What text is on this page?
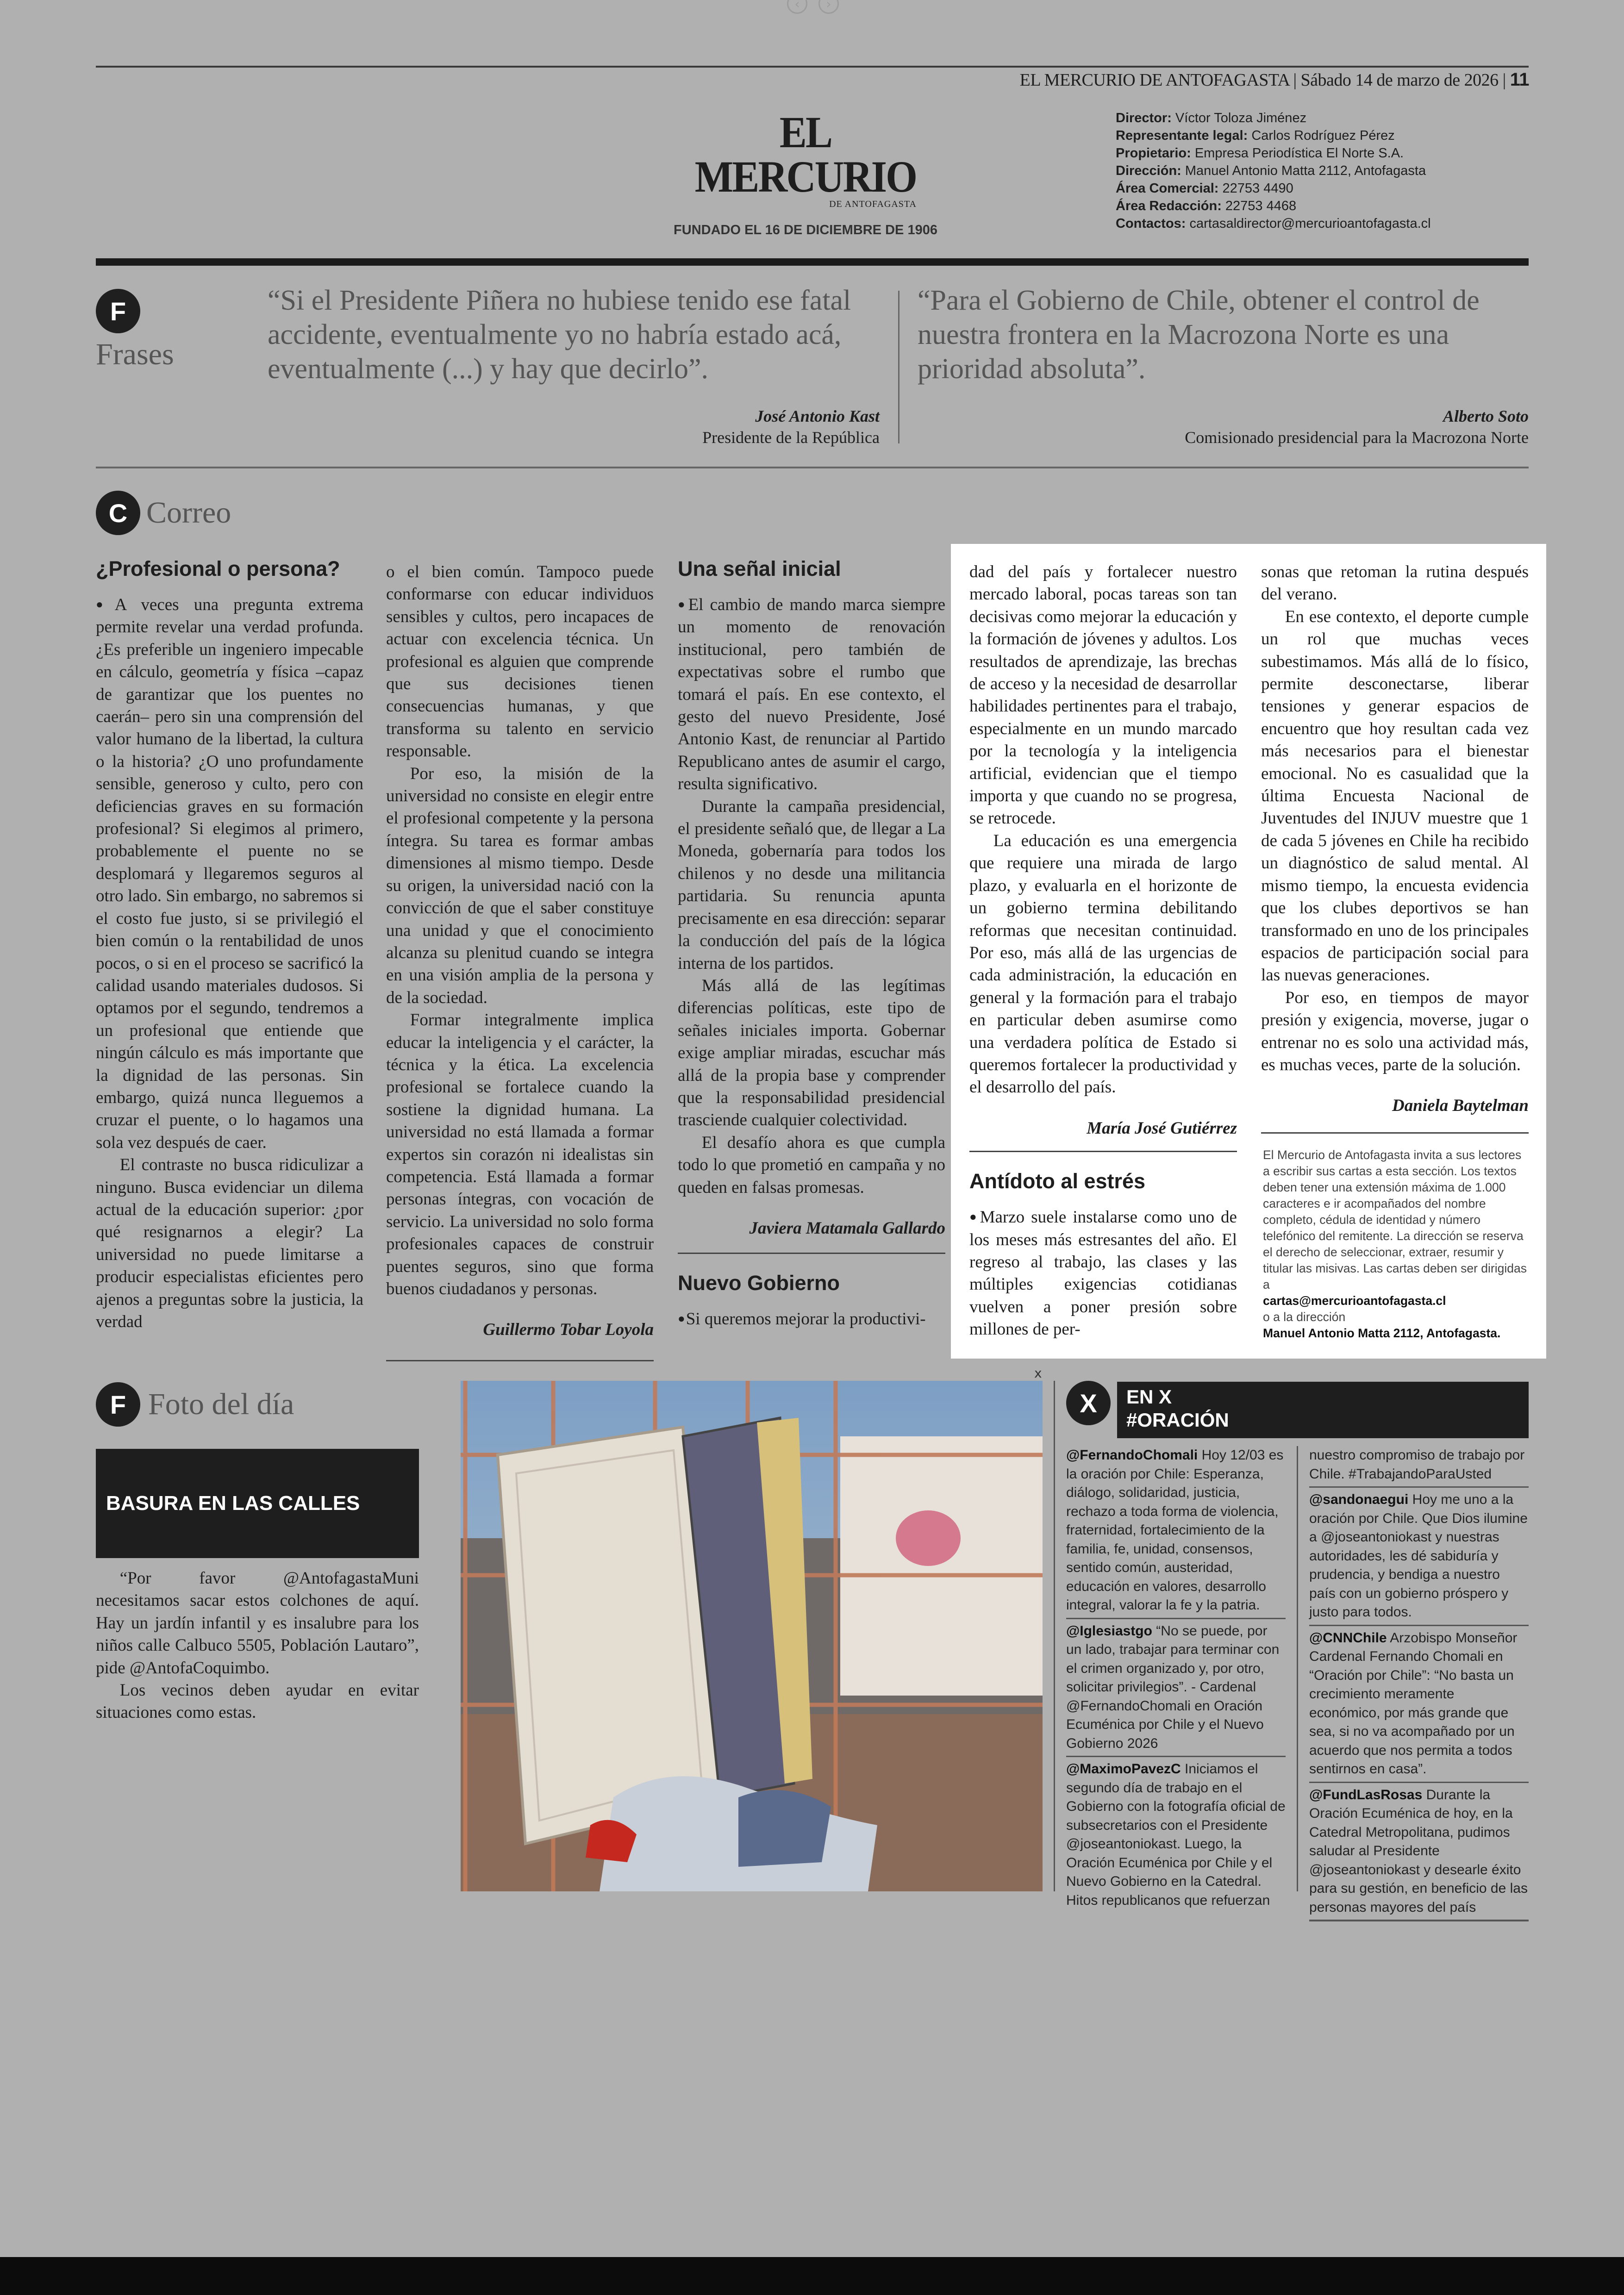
‹	›
EL MERCURIO DE ANTOFAGASTA | Sábado 14 de marzo de 2026 | 11
EL MERCURIO
DE ANTOFAGASTA
FUNDADO EL 16 DE DICIEMBRE DE 1906
Director: Víctor Toloza Jiménez
Representante legal: Carlos Rodríguez Pérez
Propietario: Empresa Periodística El Norte S.A.
Dirección: Manuel Antonio Matta 2112, Antofagasta
Área Comercial: 22753 4490
Área Redacción: 22753 4468
Contactos: cartasaldirector@mercurioantofagasta.cl
F
Frases
“Si el Presidente Piñera no hubiese tenido ese fatal accidente, eventualmente yo no habría estado acá, eventualmente (...) y hay que decirlo”.
José Antonio Kast
Presidente de la República
“Para el Gobierno de Chile, obtener el control de nuestra frontera en la Macrozona Norte es una prioridad absoluta”.
Alberto Soto
Comisionado presidencial para la Macrozona Norte
C Correo
¿Profesional o persona?

● A veces una pregunta extrema permite revelar una verdad profunda. ¿Es preferible un ingeniero impecable en cálculo, geometría y física –capaz de garantizar que los puentes no caerán– pero sin una comprensión del valor humano de la libertad, la cultura o la historia? ¿O uno profundamente sensible, generoso y culto, pero con deficiencias graves en su formación profesional? Si elegimos al primero, probablemente el puente no se desplomará y llegaremos seguros al otro lado. Sin embargo, no sabremos si el costo fue justo, si se privilegió el bien común o la rentabilidad de unos pocos, o si en el proceso se sacrificó la calidad usando materiales dudosos. Si optamos por el segundo, tendremos a un profesional que entiende que ningún cálculo es más importante que la dignidad de las personas. Sin embargo, quizá nunca lleguemos a cruzar el puente, o lo hagamos una sola vez después de caer.

El contraste no busca ridiculizar a ninguno. Busca evidenciar un dilema actual de la educación superior: ¿por qué resignarnos a elegir? La universidad no puede limitarse a producir especialistas eficientes pero ajenos a preguntas sobre la justicia, la verdad

o el bien común. Tampoco puede conformarse con educar individuos sensibles y cultos, pero incapaces de actuar con excelencia técnica. Un profesional es alguien que comprende que sus decisiones tienen consecuencias humanas, y que transforma su talento en servicio responsable.

Por eso, la misión de la universidad no consiste en elegir entre el profesional competente y la persona íntegra. Su tarea es formar ambas dimensiones al mismo tiempo. Desde su origen, la universidad nació con la convicción de que el saber constituye una unidad y que el conocimiento alcanza su plenitud cuando se integra en una visión amplia de la persona y de la sociedad.

Formar integralmente implica educar la inteligencia y el carácter, la técnica y la ética. La excelencia profesional se fortalece cuando la sostiene la dignidad humana. La universidad no está llamada a formar expertos sin corazón ni idealistas sin competencia. Está llamada a formar personas íntegras, con vocación de servicio. La universidad no solo forma profesionales capaces de construir puentes seguros, sino que forma buenos ciudadanos y personas.

Guillermo Tobar Loyola
Una señal inicial

● El cambio de mando marca siempre un momento de renovación institucional, pero también de expectativas sobre el rumbo que tomará el país. En ese contexto, el gesto del nuevo Presidente, José Antonio Kast, de renunciar al Partido Republicano antes de asumir el cargo, resulta significativo.

Durante la campaña presidencial, el presidente señaló que, de llegar a La Moneda, gobernaría para todos los chilenos y no desde una militancia partidaria. Su renuncia apunta precisamente en esa dirección: separar la conducción del país de la lógica interna de los partidos.

Más allá de las legítimas diferencias políticas, este tipo de señales iniciales importa. Gobernar exige ampliar miradas, escuchar más allá de la propia base y comprender que la responsabilidad presidencial trasciende cualquier colectividad.

El desafío ahora es que cumpla todo lo que prometió en campaña y no queden en falsas promesas.

Javiera Matamala Gallardo
Nuevo Gobierno

● Si queremos mejorar la productivi-

dad del país y fortalecer nuestro mercado laboral, pocas tareas son tan decisivas como mejorar la educación y la formación de jóvenes y adultos. Los resultados de aprendizaje, las brechas de acceso y la necesidad de desarrollar habilidades pertinentes para el trabajo, especialmente en un mundo marcado por la tecnología y la inteligencia artificial, evidencian que el tiempo importa y que cuando no se progresa, se retrocede.

La educación es una emergencia que requiere una mirada de largo plazo, y evaluarla en el horizonte de un gobierno termina debilitando reformas que necesitan continuidad. Por eso, más allá de las urgencias de cada administración, la educación en general y la formación para el trabajo en particular deben asumirse como una verdadera política de Estado si queremos fortalecer la productividad y el desarrollo del país.

María José Gutiérrez
Antídoto al estrés

● Marzo suele instalarse como uno de los meses más estresantes del año. El regreso al trabajo, las clases y las múltiples exigencias cotidianas vuelven a poner presión sobre millones de per-

sonas que retoman la rutina después del verano.

En ese contexto, el deporte cumple un rol que muchas veces subestimamos. Más allá de lo físico, permite desconectarse, liberar tensiones y generar espacios de encuentro que hoy resultan cada vez más necesarios para el bienestar emocional. No es casualidad que la última Encuesta Nacional de Juventudes del INJUV muestre que 1 de cada 5 jóvenes en Chile ha recibido un diagnóstico de salud mental. Al mismo tiempo, la encuesta evidencia que los clubes deportivos se han transformado en uno de los principales espacios de participación social para las nuevas generaciones.

Por eso, en tiempos de mayor presión y exigencia, moverse, jugar o entrenar no es solo una actividad más, es muchas veces, parte de la solución.

Daniela Baytelman
El Mercurio de Antofagasta invita a sus lectores a escribir sus cartas a esta sección. Los textos deben tener una extensión máxima de 1.000 caracteres e ir acompañados del nombre completo, cédula de identidad y número telefónico del remitente. La dirección se reserva el derecho de seleccionar, extraer, resumir y titular las misivas. Las cartas deben ser dirigidas a
cartas@mercurioantofagasta.cl
o a la dirección
Manuel Antonio Matta 2112, Antofagasta.
F Foto del día
BASURA EN LAS CALLES

“Por favor @AntofagastaMuni necesitamos sacar estos colchones de aquí. Hay un jardín infantil y es insalubre para los niños calle Calbuco 5505, Población Lautaro”, pide @AntofaCoquimbo.

Los vecinos deben ayudar en evitar situaciones como estas.

x
X	EN X
#ORACIÓN
@FernandoChomali Hoy 12/03 es la oración por Chile: Esperanza, diálogo, solidaridad, justicia, rechazo a toda forma de violencia, fraternidad, fortalecimiento de la familia, fe, unidad, consensos, sentido común, austeridad, educación en valores, desarrollo integral, valorar la fe y la patria.
@Iglesiastgo “No se puede, por un lado, trabajar para terminar con el crimen organizado y, por otro, solicitar privilegios”. - Cardenal @FernandoChomali en Oración Ecuménica por Chile y el Nuevo Gobierno 2026
@MaximoPavezC Iniciamos el segundo día de trabajo en el Gobierno con la fotografía oficial de subsecretarios con el Presidente @joseantoniokast. Luego, la Oración Ecuménica por Chile y el Nuevo Gobierno en la Catedral. Hitos republicanos que refuerzan
nuestro compromiso de trabajo por Chile. #TrabajandoParaUsted
@sandonaegui Hoy me uno a la oración por Chile. Que Dios ilumine a @joseantoniokast y nuestras autoridades, les dé sabiduría y prudencia, y bendiga a nuestro país con un gobierno próspero y justo para todos.
@CNNChile Arzobispo Monseñor Cardenal Fernando Chomali en “Oración por Chile”: “No basta un crecimiento meramente económico, por más grande que sea, si no va acompañado por un acuerdo que nos permita a todos sentirnos en casa”.
@FundLasRosas Durante la Oración Ecuménica de hoy, en la Catedral Metropolitana, pudimos saludar al Presidente @joseantoniokast y desearle éxito para su gestión, en beneficio de las personas mayores del país
